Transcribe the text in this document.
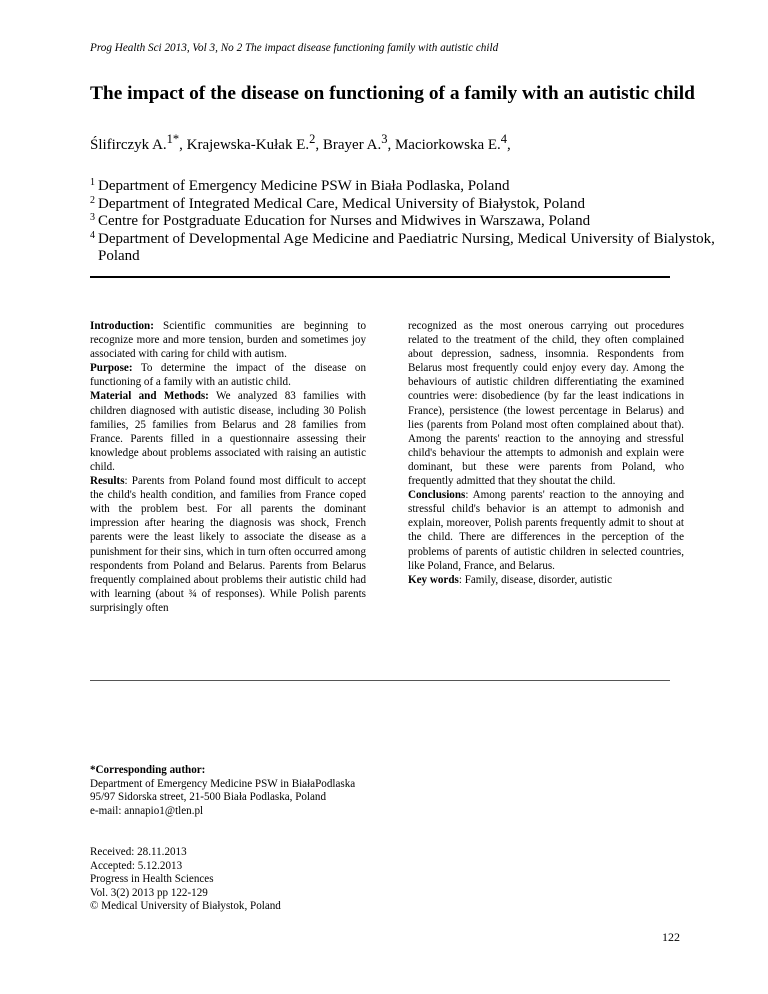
Prog Health Sci 2013, Vol 3, No 2 The impact disease functioning family with autistic child
The impact of the disease on functioning of a family with an autistic child
Ślifirczyk A.$^{1*}$, Krajewska-Kułak E.$^2$, Brayer A.$^3$, Maciorkowska E.$^4$,
1 Department of Emergency Medicine PSW in Biała Podlaska, Poland
2 Department of Integrated Medical Care, Medical University of Białystok, Poland
3 Centre for Postgraduate Education for Nurses and Midwives in Warszawa, Poland
4 Department of Developmental Age Medicine and Paediatric Nursing, Medical University of Bialystok, Poland

Introduction: Scientific communities are beginning to recognize more and more tension, burden and sometimes joy associated with caring for child with autism.

Purpose: To determine the impact of the disease on functioning of a family with an autistic child.

Material and Methods: We analyzed 83 families with children diagnosed with autistic disease, including 30 Polish families, 25 families from Belarus and 28 families from France. Parents filled in a questionnaire assessing their knowledge about problems associated with raising an autistic child.

Results: Parents from Poland found most difficult to accept the child's health condition, and families from France coped with the problem best. For all parents the dominant impression after hearing the diagnosis was shock, French parents were the least likely to associate the disease as a punishment for their sins, which in turn often occurred among respondents from Poland and Belarus. Parents from Belarus frequently complained about problems their autistic child had with learning (about ¾ of responses). While Polish parents surprisingly often

recognized as the most onerous carrying out procedures related to the treatment of the child, they often complained about depression, sadness, insomnia. Respondents from Belarus most frequently could enjoy every day. Among the behaviours of autistic children differentiating the examined countries were: disobedience (by far the least indications in France), persistence (the lowest percentage in Belarus) and lies (parents from Poland most often complained about that). Among the parents' reaction to the annoying and stressful child's behaviour the attempts to admonish and explain were dominant, but these were parents from Poland, who frequently admitted that they shoutat the child.

Conclusions: Among parents' reaction to the annoying and stressful child's behavior is an attempt to admonish and explain, moreover, Polish parents frequently admit to shout at the child. There are differences in the perception of the problems of parents of autistic children in selected countries, like Poland, France, and Belarus.

Key words: Family, disease, disorder, autistic

*Corresponding author:
Department of Emergency Medicine PSW in BiałaPodlaska
95/97 Sidorska street, 21-500 Biała Podlaska, Poland
e-mail: annapio1@tlen.pl
Received: 28.11.2013
Accepted: 5.12.2013
Progress in Health Sciences
Vol. 3(2) 2013 pp 122-129
© Medical University of Białystok, Poland
122
